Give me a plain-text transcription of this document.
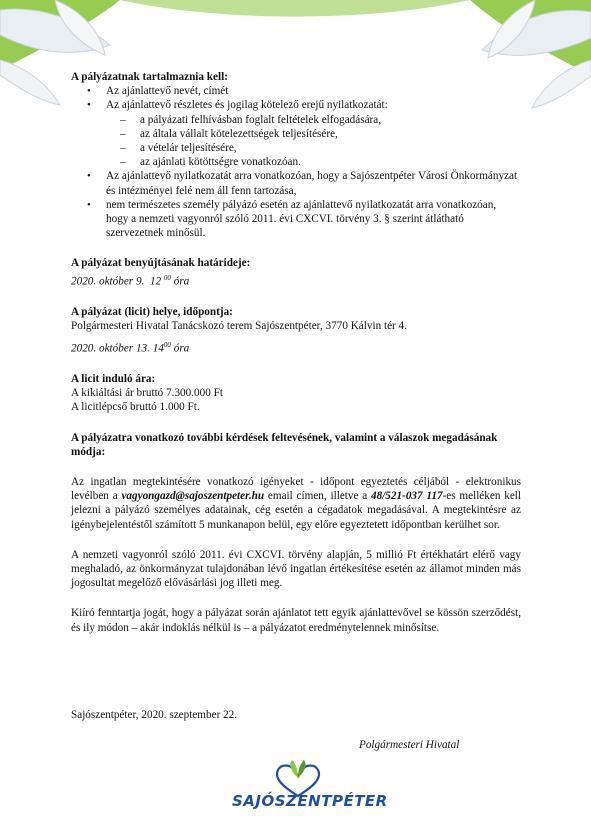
A pályázatnak tartalmaznia kell:
• Az ajánlattevő nevét, címét
• Az ajánlattevő részletes és jogilag kötelező erejű nyilatkozatát:
– a pályázati felhívásban foglalt feltételek elfogadására,
– az általa vállalt kötelezettségek teljesítésére,
– a vételár teljesítésére,
– az ajánlati kötöttségre vonatkozóan.
• Az ajánlattevő nyilatkozatát arra vonatkozóan, hogy a Sajószentpéter Városi Önkormányzat és intézményei felé nem áll fenn tartozása,
• nem természetes személy pályázó esetén az ajánlattevő nyilatkozatát arra vonatkozóan, hogy a nemzeti vagyonról szóló 2011. évi CXCVI. törvény 3. § szerint átlátható szervezetnek minősül.
A pályázat benyújtásának határideje:
2020. október 9. 12 $^{00}$ óra
A pályázat (licit) helye, időpontja:
Polgármesteri Hivatal Tanácskozó terem Sajószentpéter, 3770 Kálvin tér 4.
2020. október 13. $14^{00}$ óra
A licit induló ára:
A kikiáltási ár bruttó 7.300.000 Ft
A licitlépcső bruttó 1.000 Ft.
A pályázatra vonatkozó további kérdések feltevésének, valamint a válaszok megadásának módja:
Az ingatlan megtekintésére vonatkozó igényeket - időpont egyeztetés céljából - elektronikus levélben a vagyongazd@sajoszentpeter.hu email címen, illetve a 48/521-037 117-es melléken kell jelezni a pályázó személyes adatainak, cég esetén a cégadatok megadásával. A megtekintésre az igénybejelentéstől számított 5 munkanapon belül, egy előre egyeztetett időpontban kerülhet sor.
A nemzeti vagyonról szóló 2011. évi CXCVI. törvény alapján, 5 millió Ft értékhatárt elérő vagy meghaladó, az önkormányzat tulajdonában lévő ingatlan értékesítése esetén az államot minden más jogosultat megelőző elővásárlási jog illeti meg.
Kiíró fenntartja jogát, hogy a pályázat során ajánlatot tett egyik ajánlattevővel se kössön szerződést, és ily módon – akár indoklás nélkül is – a pályázatot eredménytelennek minősítse.
Sajószentpéter, 2020. szeptember 22.
Polgármesteri Hivatal
SAJÓSZENTPÉTER
